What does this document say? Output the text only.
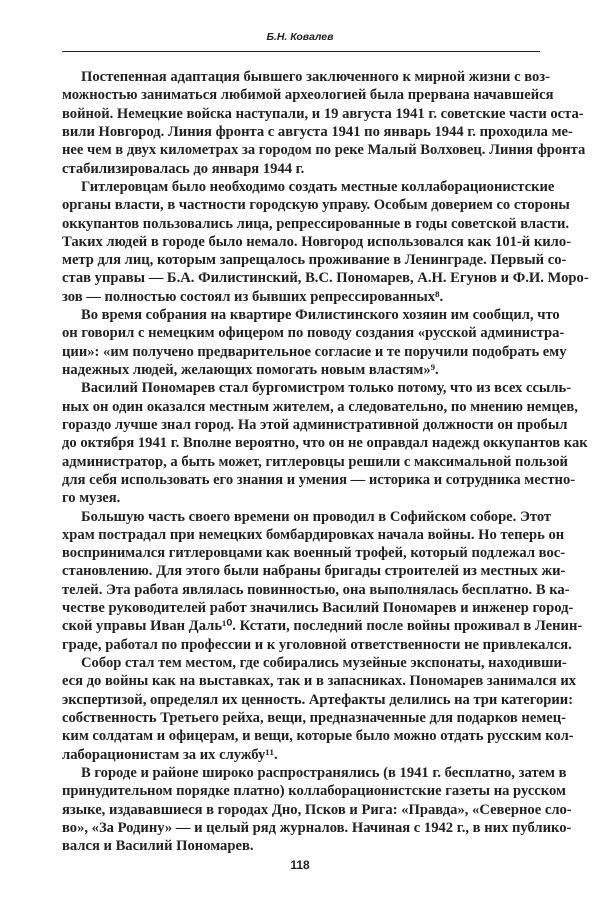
Б.Н. Ковалев
Постепенная адаптация бывшего заключенного к мирной жизни с воз-
можностью заниматься любимой археологией была прервана начавшейся
войной. Немецкие войска наступали, и 19 августа 1941 г. советские части оста-
вили Новгород. Линия фронта с августа 1941 по январь 1944 г. проходила ме-
нее чем в двух километрах за городом по реке Малый Волховец. Линия фронта
стабилизировалась до января 1944 г.
Гитлеровцам было необходимо создать местные коллаборационистские
органы власти, в частности городскую управу. Особым доверием со стороны
оккупантов пользовались лица, репрессированные в годы советской власти.
Таких людей в городе было немало. Новгород использовался как 101-й кило-
метр для лиц, которым запрещалось проживание в Ленинграде. Первый со-
став управы — Б.А. Филистинский, В.С. Пономарев, А.Н. Егунов и Ф.И. Моро-
зов — полностью состоял из бывших репрессированных⁸.
Во время собрания на квартире Филистинского хозяин им сообщил, что
он говорил с немецким офицером по поводу создания «русской администра-
ции»: «им получено предварительное согласие и те поручили подобрать ему
надежных людей, желающих помогать новым властям»⁹.
Василий Пономарев стал бургомистром только потому, что из всех ссыль-
ных он один оказался местным жителем, а следовательно, по мнению немцев,
гораздо лучше знал город. На этой административной должности он пробыл
до октября 1941 г. Вполне вероятно, что он не оправдал надежд оккупантов как
администратор, а быть может, гитлеровцы решили с максимальной пользой
для себя использовать его знания и умения — историка и сотрудника местно-
го музея.
Большую часть своего времени он проводил в Софийском соборе. Этот
храм пострадал при немецких бомбардировках начала войны. Но теперь он
воспринимался гитлеровцами как военный трофей, который подлежал вос-
становлению. Для этого были набраны бригады строителей из местных жи-
телей. Эта работа являлась повинностью, она выполнялась бесплатно. В ка-
честве руководителей работ значились Василий Пономарев и инженер город-
ской управы Иван Даль¹⁰. Кстати, последний после войны проживал в Ленин-
граде, работал по профессии и к уголовной ответственности не привлекался.
Собор стал тем местом, где собирались музейные экспонаты, находивши-
еся до войны как на выставках, так и в запасниках. Пономарев занимался их
экспертизой, определял их ценность. Артефакты делились на три категории:
собственность Третьего рейха, вещи, предназначенные для подарков немец-
ким солдатам и офицерам, и вещи, которые было можно отдать русским кол-
лаборационистам за их службу¹¹.
В городе и районе широко распространялись (в 1941 г. бесплатно, затем в
принудительном порядке платно) коллаборационистские газеты на русском
языке, издававшиеся в городах Дно, Псков и Рига: «Правда», «Северное сло-
во», «За Родину» — и целый ряд журналов. Начиная с 1942 г., в них публико-
вался и Василий Пономарев.
118
